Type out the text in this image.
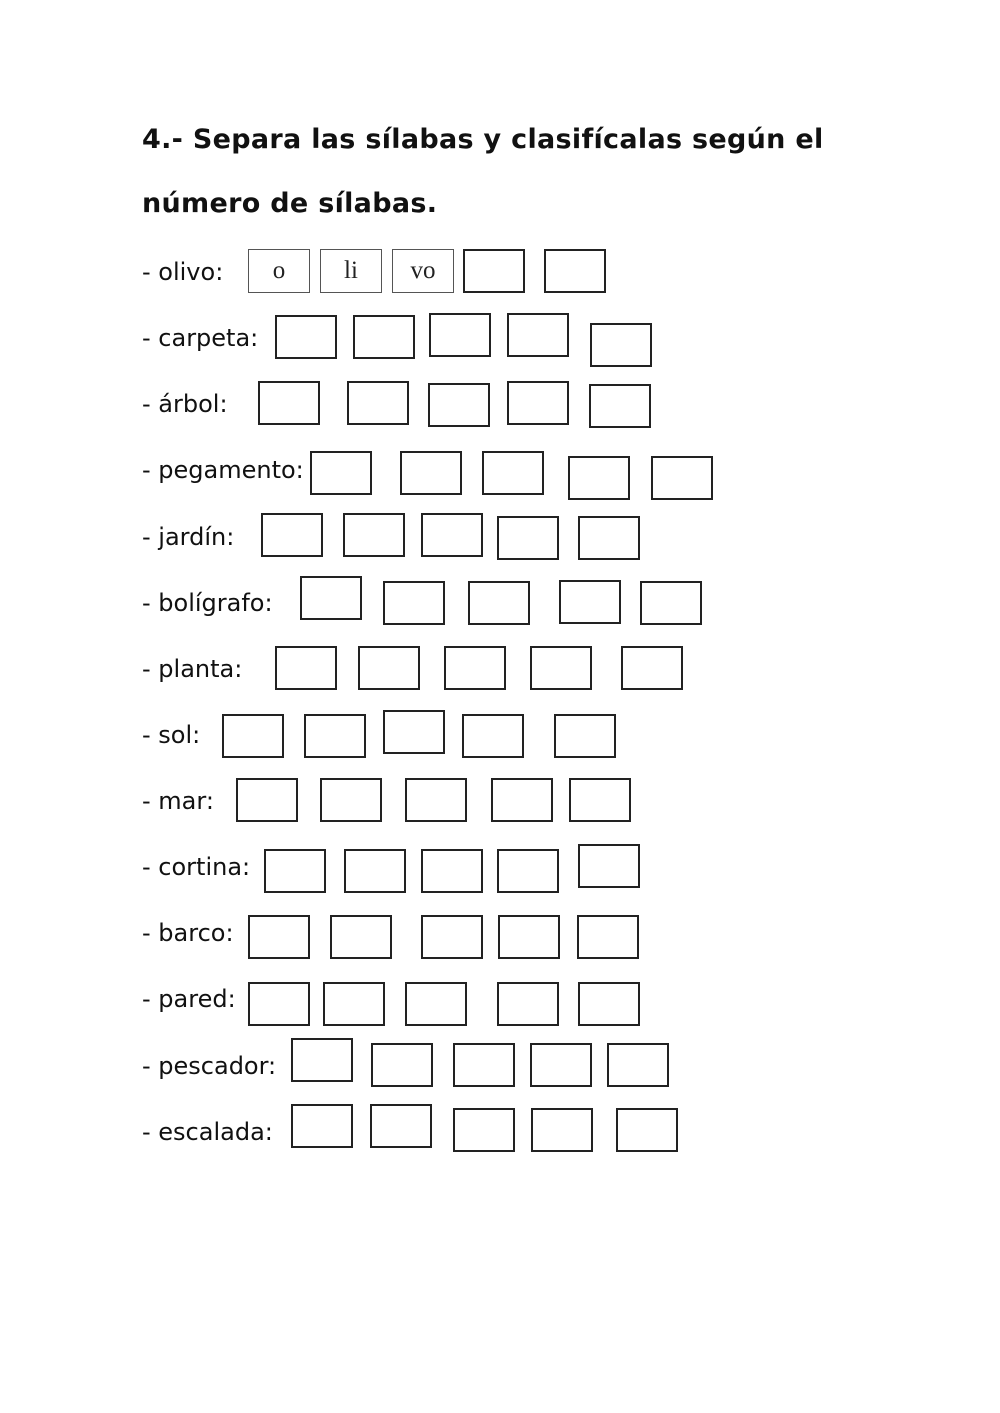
4.- Separa las sílabas y clasifícalas según el
número de sílabas.
- olivo:	o	li	vo
- carpeta:
- árbol:
- pegamento:
- jardín:
- bolígrafo:
- planta:
- sol:
- mar:
- cortina:
- barco:
- pared:
- pescador:
- escalada:
